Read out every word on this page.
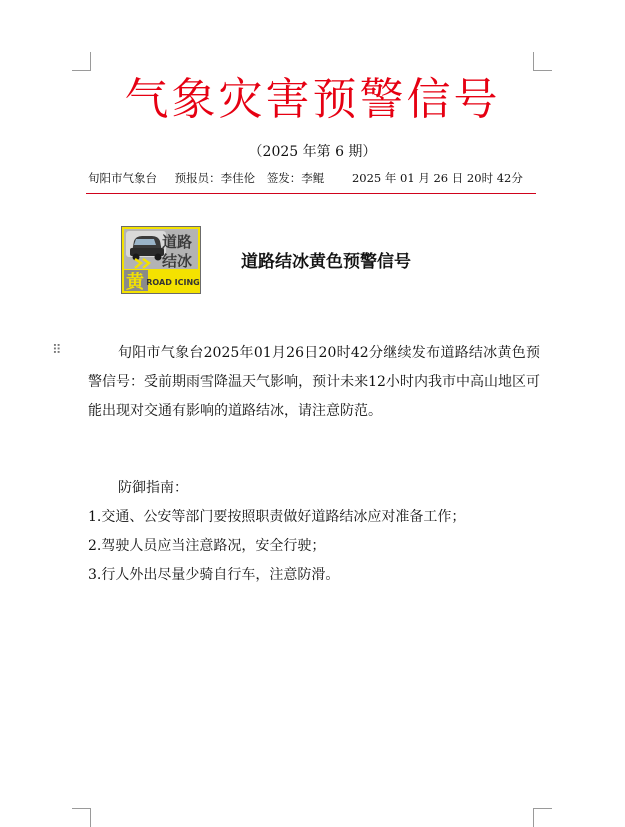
气象灾害预警信号
（2025 年第 6 期）
旬阳市气象台 预报员：李佳伦 签发：李鲲 2025 年 01 月 26 日 20时 42分
道路
结冰
黄 ROAD ICING
道路结冰黄色预警信号
⠿	旬阳市气象台2025年01月26日20时42分继续发布道路结冰黄色预警信号：受前期雨雪降温天气影响，预计未来12小时内我市中高山地区可能出现对交通有影响的道路结冰，请注意防范。
防御指南：
1.交通、公安等部门要按照职责做好道路结冰应对准备工作；
2.驾驶人员应当注意路况，安全行驶；
3.行人外出尽量少骑自行车，注意防滑。
